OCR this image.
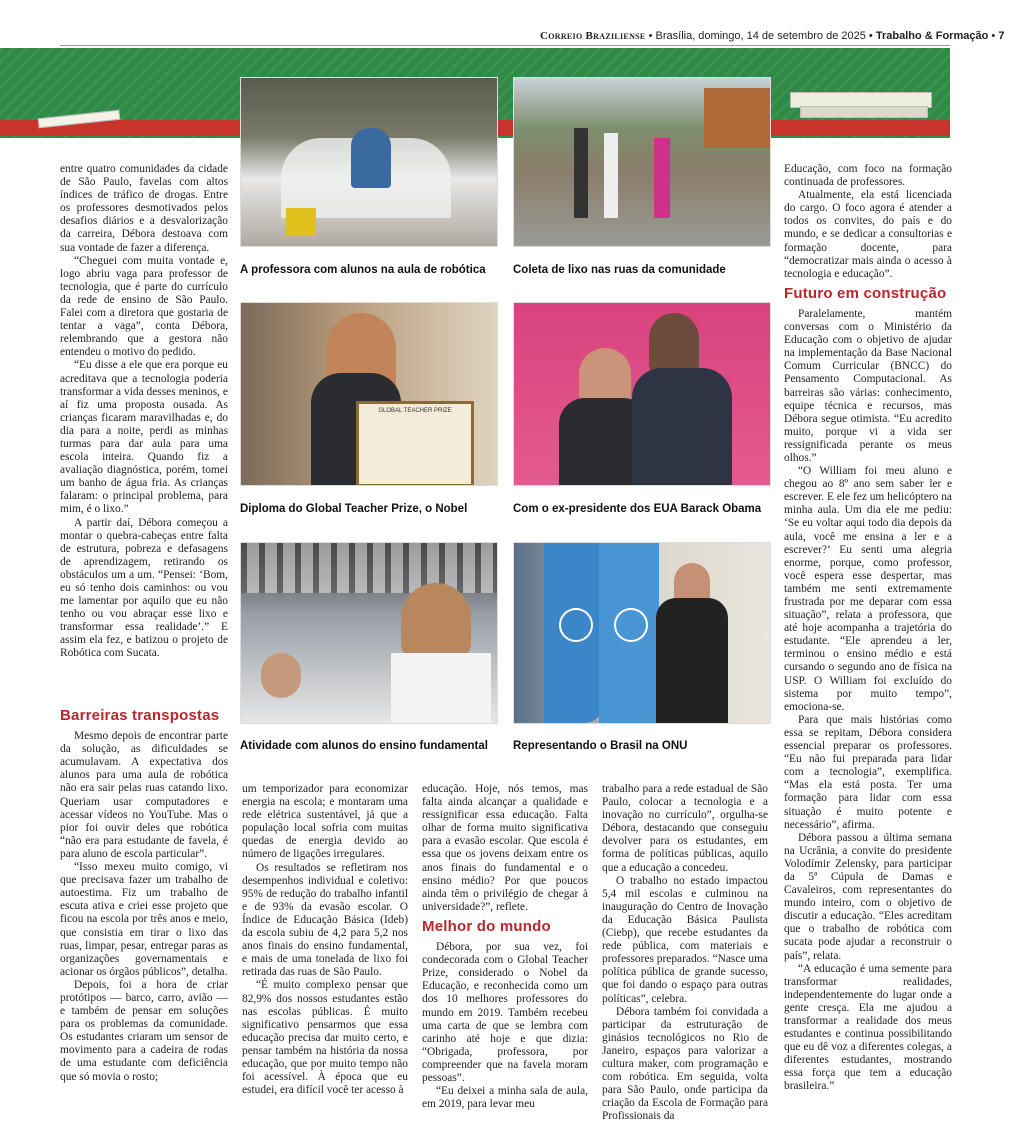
Correio Braziliense • Brasília, domingo, 14 de setembro de 2025 • Trabalho & Formação • 7
A professora com alunos na aula de robótica Coleta de lixo nas ruas da comunidade
GLOBAL TEACHER PRIZE
Diploma do Global Teacher Prize, o Nobel	Com o ex-presidente dos EUA Barack Obama
Atividade com alunos do ensino fundamental Representando o Brasil na ONU

entre quatro comunidades da cidade de São Paulo, favelas com altos índices de tráfico de drogas. Entre os professores desmotivados pelos desafios diários e a desvalorização da carreira, Débora destoava com sua vontade de fazer a diferença.

“Cheguei com muita vontade e, logo abriu vaga para professor de tecnologia, que é parte do currículo da rede de ensino de São Paulo. Falei com a diretora que gostaria de tentar a vaga”, conta Débora, relembrando que a gestora não entendeu o motivo do pedido.

“Eu disse a ele que era porque eu acreditava que a tecnologia poderia transformar a vida desses meninos, e aí fiz uma proposta ousada. As crianças ficaram maravilhadas e, do dia para a noite, perdi as minhas turmas para dar aula para uma escola inteira. Quando fiz a avaliação diagnóstica, porém, tomei um banho de água fria. As crianças falaram: o principal problema, para mim, é o lixo.”

A partir daí, Débora começou a montar o quebra-cabeças entre falta de estrutura, pobreza e defasagens de aprendizagem, retirando os obstáculos um a um. “Pensei: ‘Bom, eu só tenho dois caminhos: ou vou me lamentar por aquilo que eu não tenho ou vou abraçar esse lixo e transformar essa realidade’.” E assim ela fez, e batizou o projeto de Robótica com Sucata.

Barreiras transpostas

Mesmo depois de encontrar parte da solução, as dificuldades se acumulavam. A expectativa dos alunos para uma aula de robótica não era sair pelas ruas catando lixo. Queriam usar computadores e acessar vídeos no YouTube. Mas o pior foi ouvir deles que robótica “não era para estudante de favela, é para aluno de escola particular”.

“Isso mexeu muito comigo, vi que precisava fazer um trabalho de autoestima. Fiz um trabalho de escuta ativa e criei esse projeto que ficou na escola por três anos e meio, que consistia em tirar o lixo das ruas, limpar, pesar, entregar paras as organizações governamentais e acionar os órgãos públicos”, detalha.

Depois, foi a hora de criar protótipos — barco, carro, avião — e também de pensar em soluções para os problemas da comunidade. Os estudantes criaram um sensor de movimento para a cadeira de rodas de uma estudante com deficiência que só movia o rosto;

um temporizador para economizar energia na escola; e montaram uma rede elétrica sustentável, já que a população local sofria com muitas quedas de energia devido ao número de ligações irregulares.

Os resultados se refletiram nos desempenhos individual e coletivo: 95% de redução do trabalho infantil e de 93% da evasão escolar. O Índice de Educação Básica (Ideb) da escola subiu de 4,2 para 5,2 nos anos finais do ensino fundamental, e mais de uma tonelada de lixo foi retirada das ruas de São Paulo.

“É muito complexo pensar que 82,9% dos nossos estudantes estão nas escolas públicas. É muito significativo pensarmos que essa educação precisa dar muito certo, e pensar também na história da nossa educação, que por muito tempo não foi acessível. À época que eu estudei, era difícil você ter acesso à

educação. Hoje, nós temos, mas falta ainda alcançar a qualidade e ressignificar essa educação. Falta olhar de forma muito significativa para a evasão escolar. Que escola é essa que os jovens deixam entre os anos finais do fundamental e o ensino médio? Por que poucos ainda têm o privilégio de chegar à universidade?”, reflete.

Melhor do mundo

Débora, por sua vez, foi condecorada com o Global Teacher Prize, considerado o Nobel da Educação, e reconhecida como um dos 10 melhores professores do mundo em 2019. Também recebeu uma carta de que se lembra com carinho até hoje e que dizia: “Obrigada, professora, por compreender que na favela moram pessoas”.

“Eu deixei a minha sala de aula, em 2019, para levar meu

trabalho para a rede estadual de São Paulo, colocar a tecnologia e a inovação no currículo”, orgulha-se Débora, destacando que conseguiu devolver para os estudantes, em forma de políticas públicas, aquilo que a educação a concedeu.

O trabalho no estado impactou 5,4 mil escolas e culminou na inauguração do Centro de Inovação da Educação Básica Paulista (Ciebp), que recebe estudantes da rede pública, com materiais e professores preparados. “Nasce uma política pública de grande sucesso, que foi dando o espaço para outras políticas”, celebra.

Débora também foi convidada a participar da estruturação de ginásios tecnológicos no Rio de Janeiro, espaços para valorizar a cultura maker, com programação e com robótica. Em seguida, volta para São Paulo, onde participa da criação da Escola de Formação para Profissionais da

Educação, com foco na formação continuada de professores.

Atualmente, ela está licenciada do cargo. O foco agora é atender a todos os convites, do país e do mundo, e se dedicar a consultorias e formação docente, para “democratizar mais ainda o acesso à tecnologia e educação”.

Futuro em construção

Paralelamente, mantém conversas com o Ministério da Educação com o objetivo de ajudar na implementação da Base Nacional Comum Curricular (BNCC) do Pensamento Computacional. As barreiras são várias: conhecimento, equipe técnica e recursos, mas Débora segue otimista. “Eu acredito muito, porque vi a vida ser ressignificada perante os meus olhos.”

“O William foi meu aluno e chegou ao 8º ano sem saber ler e escrever. E ele fez um helicóptero na minha aula. Um dia ele me pediu: ‘Se eu voltar aqui todo dia depois da aula, você me ensina a ler e a escrever?’ Eu senti uma alegria enorme, porque, como professor, você espera esse despertar, mas também me senti extremamente frustrada por me deparar com essa situação”, relata a professora, que até hoje acompanha a trajetória do estudante. “Ele aprendeu a ler, terminou o ensino médio e está cursando o segundo ano de física na USP. O William foi excluído do sistema por muito tempo”, emociona-se.

Para que mais histórias como essa se repitam, Débora considera essencial preparar os professores. “Eu não fui preparada para lidar com a tecnologia”, exemplifica. “Mas ela está posta. Ter uma formação para lidar com essa situação é muito potente e necessário”, afirma.

Débora passou a última semana na Ucrânia, a convite do presidente Volodímir Zelensky, para participar da 5ª Cúpula de Damas e Cavaleiros, com representantes do mundo inteiro, com o objetivo de discutir a educação. “Eles acreditam que o trabalho de robótica com sucata pode ajudar a reconstruir o país”, relata.

“A educação é uma semente para transformar realidades, independentemente do lugar onde a gente cresça. Ela me ajudou a transformar a realidade dos meus estudantes e continua possibilitando que eu dê voz a diferentes colegas, a diferentes estudantes, mostrando essa força que tem a educação brasileira.”
